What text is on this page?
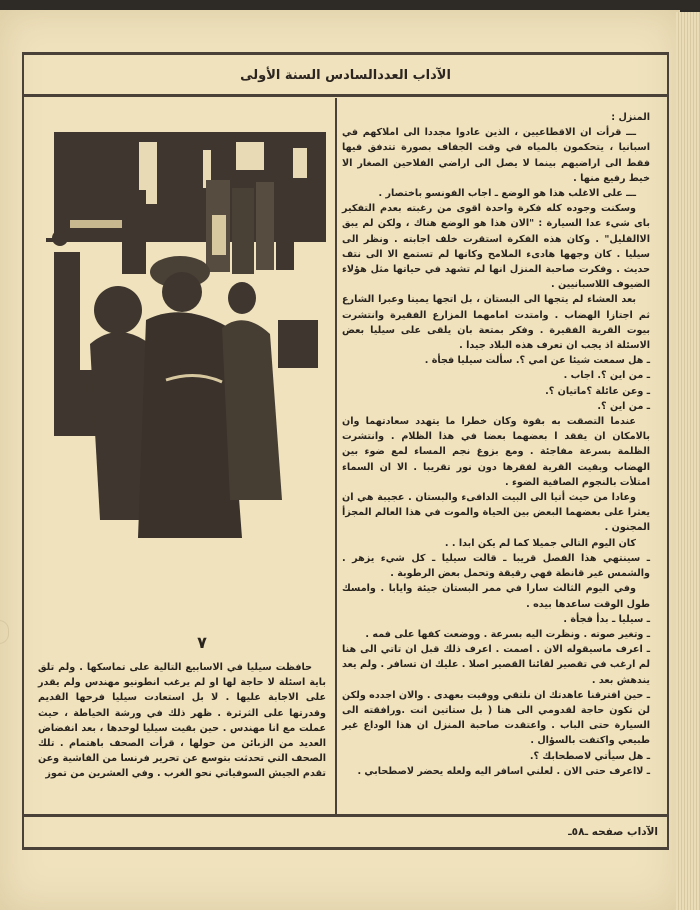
الآداب العددالسادس السنة الأولى

المنزل :

ـــ قرأت ان الاقطاعيين ، الذين عادوا مجددا الى املاكهم في اسبانيا ، يتحكمون بالمياه في وقت الجفاف بصورة تتدفق فيها فقط الى اراضيهم بينما لا يصل الى اراضي الفلاحين الصغار الا خيط رفيع منها .

ـــ على الاغلب هذا هو الوضع ـ اجاب الفونسو باختصار .

وسكنت وجوده كله فكرة واحدة اقوى من رغبته بعدم التفكير باى شيء عدا السيارة : "الان هذا هو الوضع هناك ، ولكن لم يبق الاالقليل" . وكان هذه الفكرة استقرت خلف اجابته . ونظر الى سيليا . كان وجهها هادىء الملامح وكانها لم تستمع الا الى نتف حديث . وفكرت صاحبة المنزل انها لم تشهد في حياتها مثل هؤلاء الضيوف اللاسبانيين .

بعد العشاء لم يتجها الى البستان ، بل اتجها يمينا وعبرا الشارع ثم اجتازا الهضاب . وامتدت امامهما المزارع الفقيرة وانتشرت بيوت القرية الفقيرة . وفكر بمتعة بان يلقى على سيليا بعض الاسئلة اذ يجب ان تعرف هذه البلاد جيدا .

ـ هل سمعت شيئا عن امي ؟. سألت سيليا فجأة .

ـ من اين ؟. اجاب .

ـ وعن عائلة ؟ماتيان ؟.

ـ من اين ؟.

عندما التصقت به بقوة وكان خطرا ما يتهدد سعادتهما وان بالامكان ان يفقد ا بعضهما بعضا في هذا الظلام . وانتشرت الظلمة بسرعة مفاجئة . ومع بزوغ نجم المساء لمع ضوء بين الهضاب وبقيت القرية لفقرها دون نور تقريبا . الا ان السماء امتلأت بالنجوم الصافية الضوء .

وعادا من حيث أتيا الى البيت الدافىء والبستان . عجيبة هي ان يعثرا على بعضهما البعض بين الحياة والموت في هذا العالم المجزأ المجنون .

كان اليوم التالي جميلا كما لم يكن ابدا . .

ـ سينتهي هذا الفصل قريبا ـ قالت سيليا ـ كل شيء يزهر . والشمس غير قانطة فهي رقيقة وتحمل بعض الرطوبة .

وفي اليوم الثالث سارا في ممر البستان جيئة وايابا . وامسك طول الوقت ساعدها بيده .

ـ سيليا ـ بدأ فجأة .

ـ وتغير صوته . ونظرت اليه بسرعة . ووضعت كفها على فمه .

ـ اعرف ماسيقوله الان . اصمت . اعرف ذلك قبل ان تاتي الى هنا لم ارغب في تقصير لقائنا القصير اصلا . عليك ان تسافر . ولم يعد يندهش بعد .

ـ حين افترقنا عاهدتك ان نلتقي ووفيت بعهدى . والان اجدده ولكن لن تكون حاجة لقدومي الى هنا ( بل ستاتين انت .ورافقته الى السيارة حتى الباب . واعتقدت صاحبة المنزل ان هذا الوداع غير طبيعي واكتفت بالسؤال .

ـ هل سيأتي لاصطحابك ؟.

ـ لااعرف حتى الان . لعلني اسافر اليه ولعله يحضر لاصطحابي .

٧

حافظت سيليا في الاسابيع التالية على تماسكها . ولم تلق باية اسئلة لا حاجة لها او لم يرغب انطونيو مهندس ولم يقدر على الاجابة عليها . لا بل استعادت سيليا فرحها القديم وقدرتها على الثرثرة . ظهر ذلك في ورشة الخياطة ، حيث عملت مع انا مهندس . حين بقيت سيليا لوحدها ، بعد انفضاض العديد من الزبائن من حولها ، قرأت الصحف باهتمام . تلك الصحف التي تحدثت بتوسع عن تحرير فرنسا من الفاشية وعن تقدم الجيش السوفياتي نحو الغرب . وفي العشرين من تموز

الآداب صفحه ـ٥٨ـ
